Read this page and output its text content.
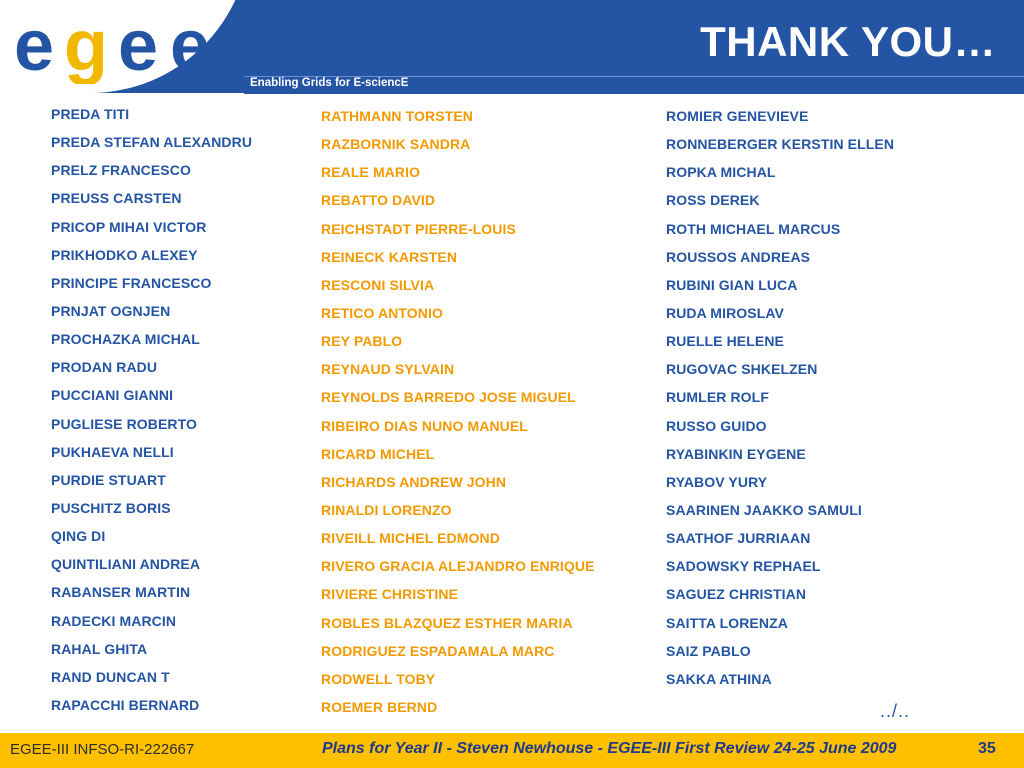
e g e e	THANK YOU…
Enabling Grids for E-sciencE
PREDA TITI
PREDA STEFAN ALEXANDRU
PRELZ FRANCESCO
PREUSS CARSTEN
PRICOP MIHAI VICTOR
PRIKHODKO ALEXEY
PRINCIPE FRANCESCO
PRNJAT OGNJEN
PROCHAZKA MICHAL
PRODAN RADU
PUCCIANI GIANNI
PUGLIESE ROBERTO
PUKHAEVA NELLI
PURDIE STUART
PUSCHITZ BORIS
QING DI
QUINTILIANI ANDREA
RABANSER MARTIN
RADECKI MARCIN
RAHAL GHITA
RAND DUNCAN T
RAPACCHI BERNARD
RATHMANN TORSTEN
RAZBORNIK SANDRA
REALE MARIO
REBATTO DAVID
REICHSTADT PIERRE-LOUIS
REINECK KARSTEN
RESCONI SILVIA
RETICO ANTONIO
REY PABLO
REYNAUD SYLVAIN
REYNOLDS BARREDO JOSE MIGUEL
RIBEIRO DIAS NUNO MANUEL
RICARD MICHEL
RICHARDS ANDREW JOHN
RINALDI LORENZO
RIVEILL MICHEL EDMOND
RIVERO GRACIA ALEJANDRO ENRIQUE
RIVIERE CHRISTINE
ROBLES BLAZQUEZ ESTHER MARIA
RODRIGUEZ ESPADAMALA MARC
RODWELL TOBY
ROEMER BERND
ROMIER GENEVIEVE
RONNEBERGER KERSTIN ELLEN
ROPKA MICHAL
ROSS DEREK
ROTH MICHAEL MARCUS
ROUSSOS ANDREAS
RUBINI GIAN LUCA
RUDA MIROSLAV
RUELLE HELENE
RUGOVAC SHKELZEN
RUMLER ROLF
RUSSO GUIDO
RYABINKIN EYGENE
RYABOV YURY
SAARINEN JAAKKO SAMULI
SAATHOF JURRIAAN
SADOWSKY REPHAEL
SAGUEZ CHRISTIAN
SAITTA LORENZA
SAIZ PABLO
SAKKA ATHINA
../..
EGEE-III INFSO-RI-222667	Plans for Year II - Steven Newhouse - EGEE-III First Review 24-25 June 2009	35
